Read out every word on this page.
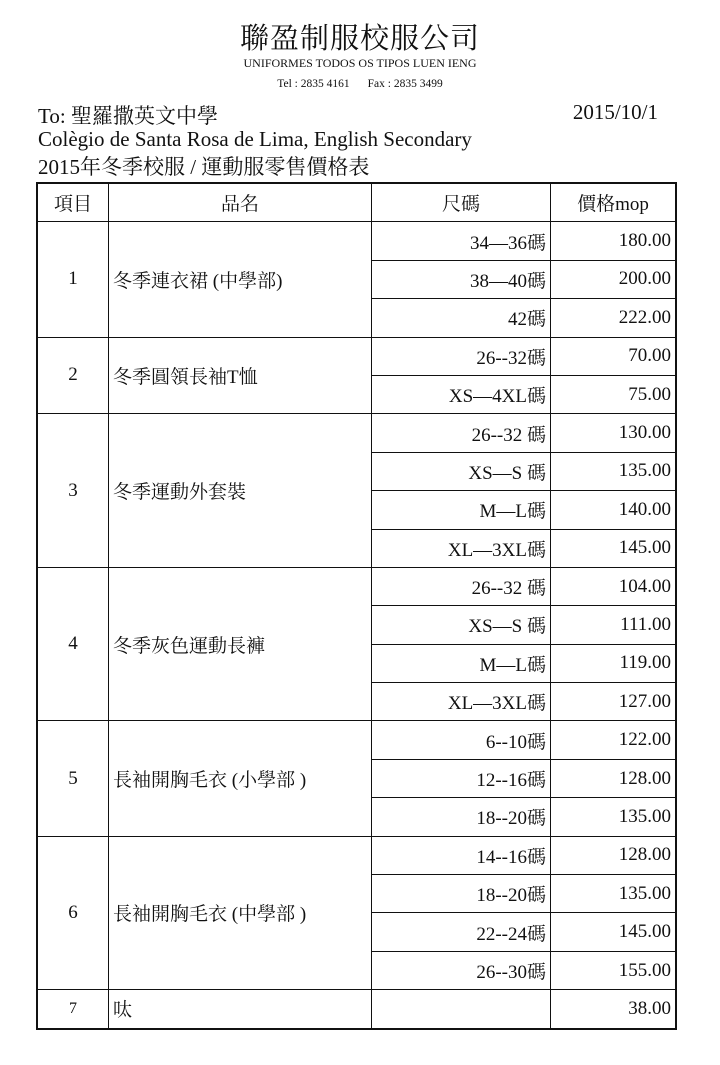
聯盈制服校服公司
UNIFORMES TODOS OS TIPOS LUEN IENG
Tel : 2835 4161 Fax : 2835 3499
To: 聖羅撒英文中學	2015/10/1
Colègio de Santa Rosa de Lima, English Secondary
2015年冬季校服 / 運動服零售價格表
項目	品名	尺碼	價格mop
1	冬季連衣裙 (中學部)	34—36碼	180.00
		38—40碼	200.00
		42碼	222.00
2	冬季圓領長袖T恤	26--32碼	70.00
		XS—4XL碼	75.00
3	冬季運動外套裝	26--32 碼	130.00
		XS—S 碼	135.00
		M—L碼	140.00
		XL—3XL碼	145.00
4	冬季灰色運動長褲	26--32 碼	104.00
		XS—S 碼	111.00
		M—L碼	119.00
		XL—3XL碼	127.00
5	長袖開胸毛衣 (小學部 )	6--10碼	122.00
		12--16碼	128.00
		18--20碼	135.00
6	長袖開胸毛衣 (中學部 )	14--16碼	128.00
		18--20碼	135.00
		22--24碼	145.00
		26--30碼	155.00
7	呔		38.00
